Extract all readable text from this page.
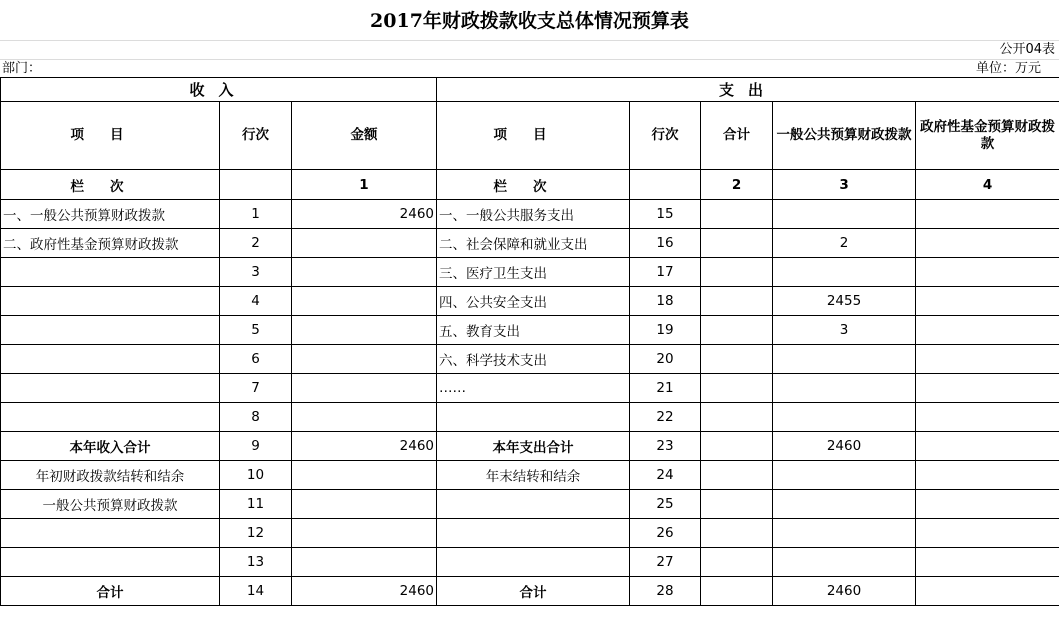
2017年财政拨款收支总体情况预算表
公开04表
部门：	单位：万元
收入			支出				
项目	行次	金额	项目	行次	合计	一般公共预算财政拨款	政府性基金预算财政拨款
栏次		1	栏次		2	3	4
一、一般公共预算财政拨款	1	2460	一、一般公共服务支出	15			
二、政府性基金预算财政拨款	2		二、社会保障和就业支出	16		2	
	3		三、医疗卫生支出	17			
	4		四、公共安全支出	18		2455	
	5		五、教育支出	19		3	
	6		六、科学技术支出	20			
	7		……	21			
	8			22			
本年收入合计	9	2460	本年支出合计	23		2460	
年初财政拨款结转和结余	10		年末结转和结余	24			
一般公共预算财政拨款	11			25			
	12			26			
	13			27			
合计	14	2460	合计	28		2460	
